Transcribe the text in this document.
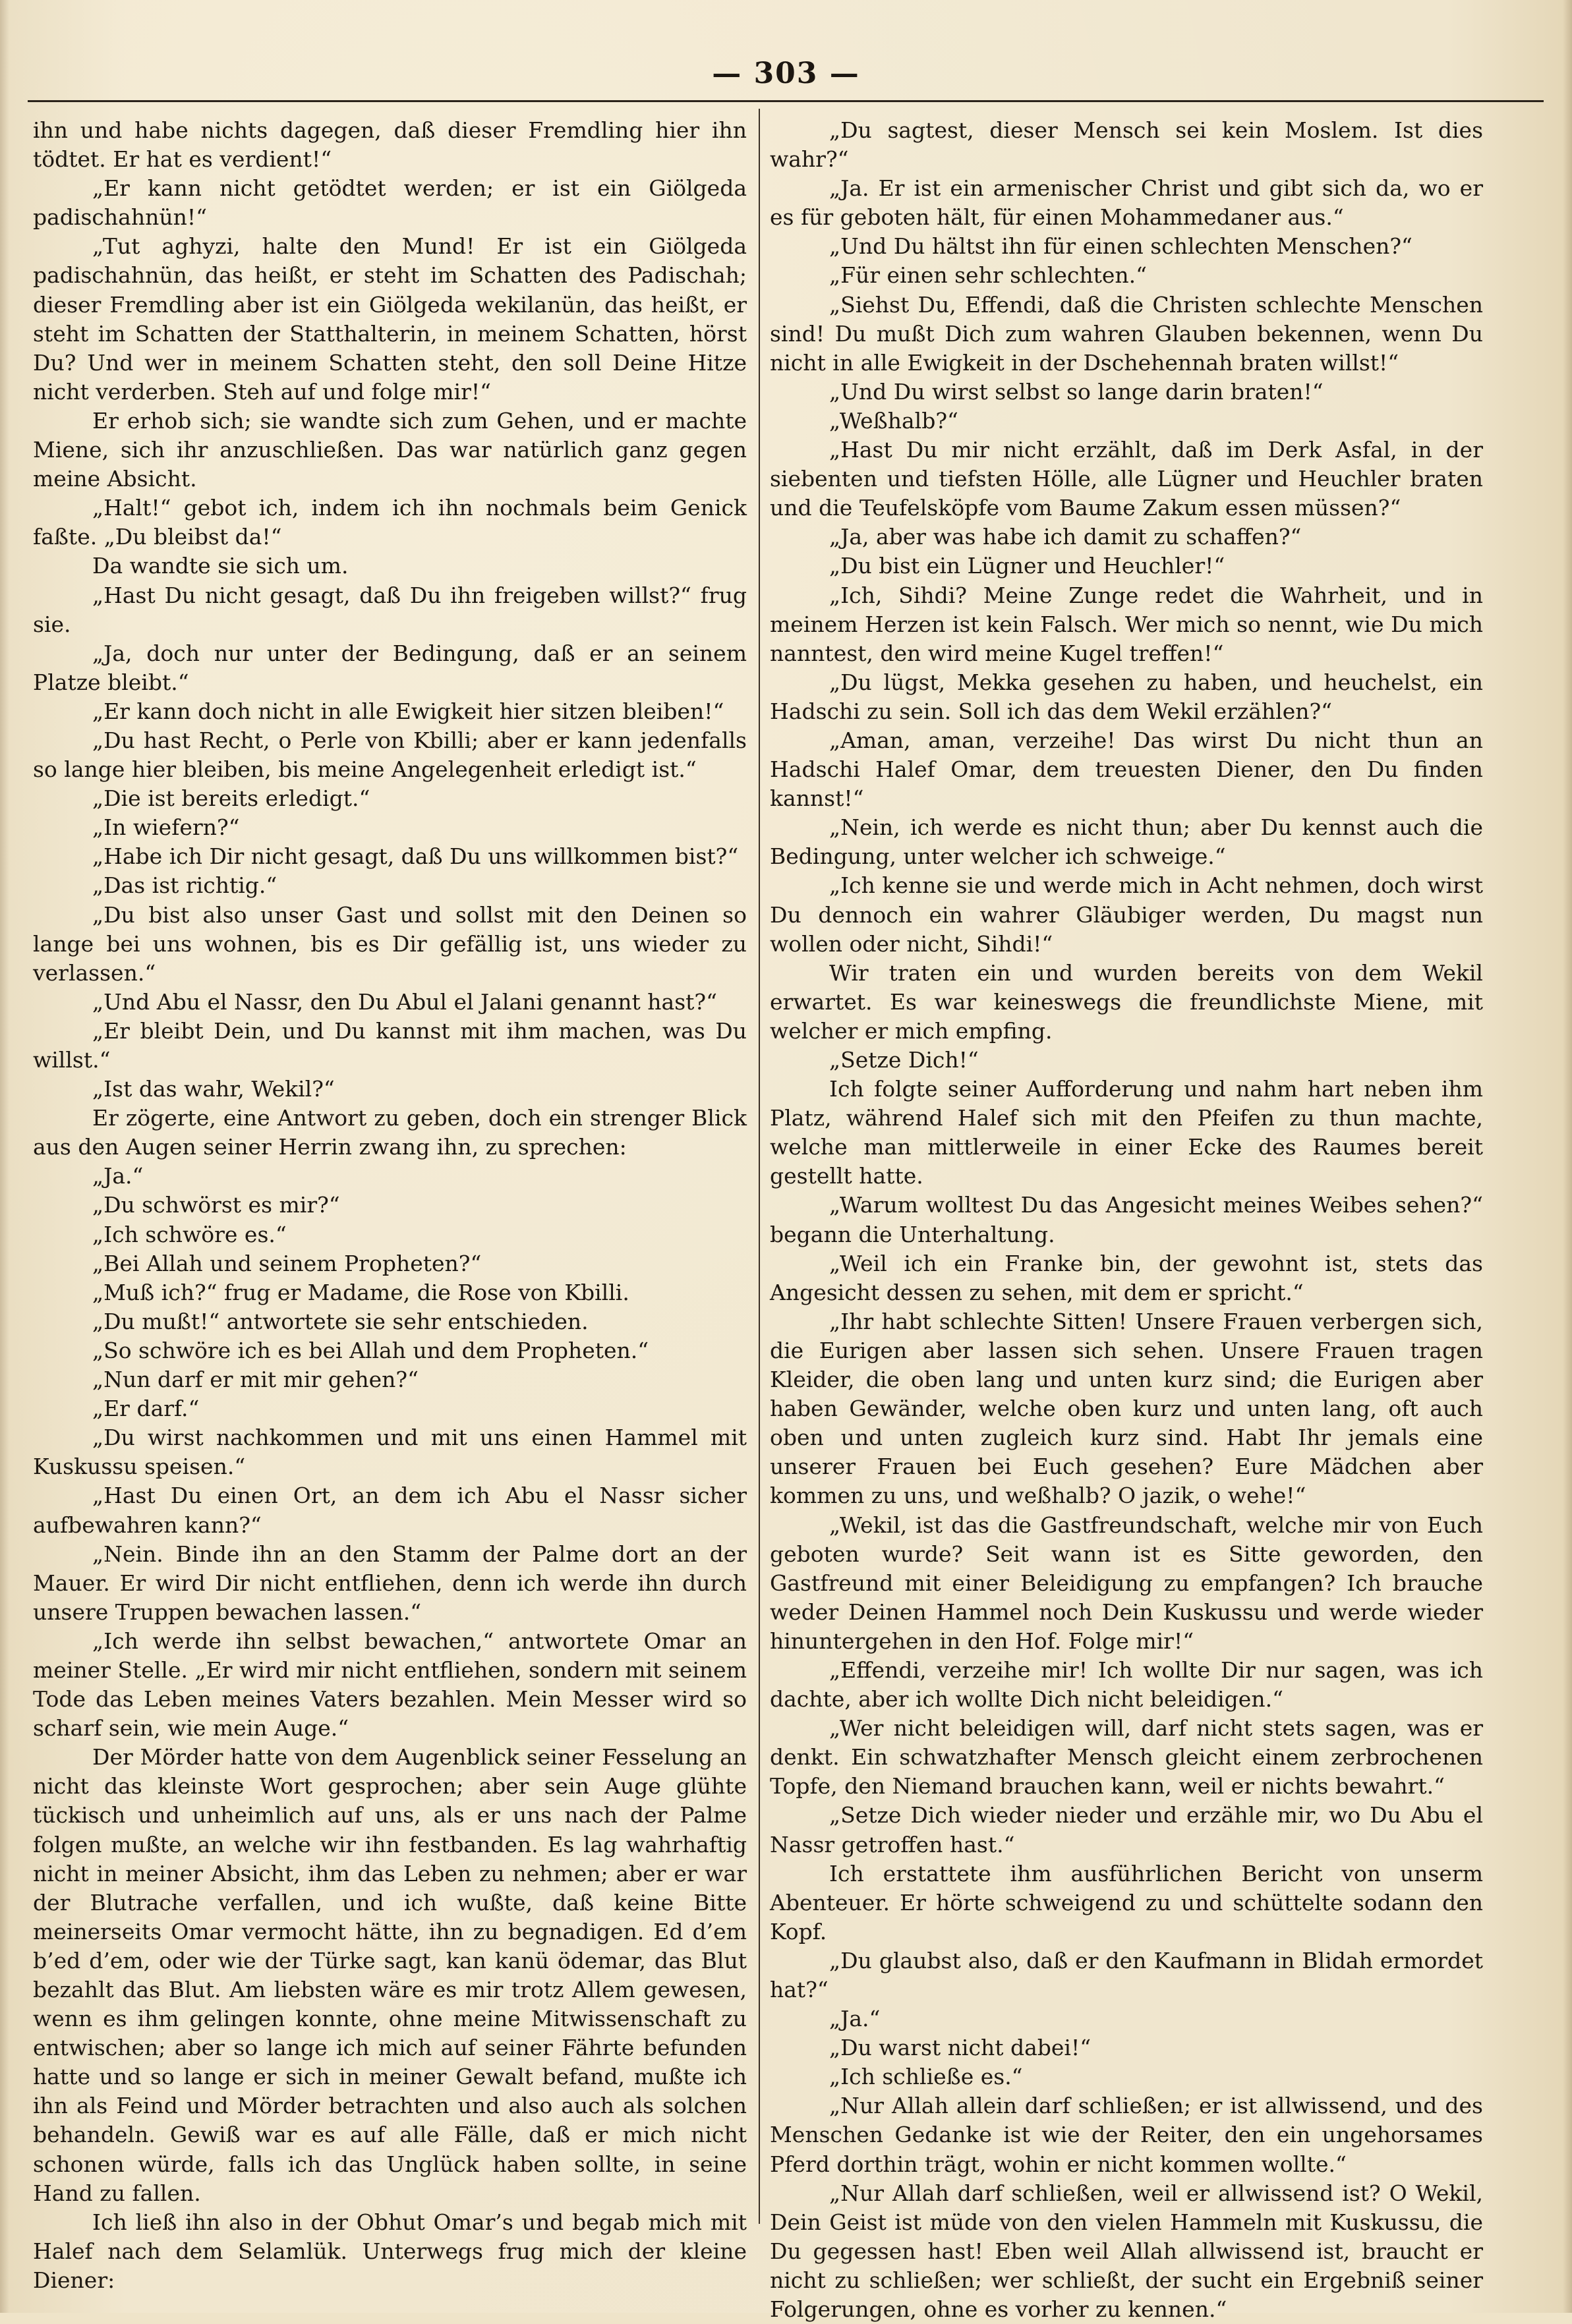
— 303 —

ihn und habe nichts dagegen, daß dieser Fremdling hier ihn tödtet. Er hat es verdient!“

„Er kann nicht getödtet werden; er ist ein Giölgeda padischahnün!“

„Tut aghyzi, halte den Mund! Er ist ein Giölgeda padischahnün, das heißt, er steht im Schatten des Padischah; dieser Fremdling aber ist ein Giölgeda wekilanün, das heißt, er steht im Schatten der Statthalterin, in meinem Schatten, hörst Du? Und wer in meinem Schatten steht, den soll Deine Hitze nicht verderben. Steh auf und folge mir!“

Er erhob sich; sie wandte sich zum Gehen, und er machte Miene, sich ihr anzuschließen. Das war natürlich ganz gegen meine Absicht.

„Halt!“ gebot ich, indem ich ihn nochmals beim Genick faßte. „Du bleibst da!“

Da wandte sie sich um.

„Hast Du nicht gesagt, daß Du ihn freigeben willst?“ frug sie.

„Ja, doch nur unter der Bedingung, daß er an seinem Platze bleibt.“

„Er kann doch nicht in alle Ewigkeit hier sitzen bleiben!“

„Du hast Recht, o Perle von Kbilli; aber er kann jedenfalls so lange hier bleiben, bis meine Angelegenheit erledigt ist.“

„Die ist bereits erledigt.“

„In wiefern?“

„Habe ich Dir nicht gesagt, daß Du uns willkommen bist?“

„Das ist richtig.“

„Du bist also unser Gast und sollst mit den Deinen so lange bei uns wohnen, bis es Dir gefällig ist, uns wieder zu verlassen.“

„Und Abu el Nassr, den Du Abul el Jalani genannt hast?“

„Er bleibt Dein, und Du kannst mit ihm machen, was Du willst.“

„Ist das wahr, Wekil?“

Er zögerte, eine Antwort zu geben, doch ein strenger Blick aus den Augen seiner Herrin zwang ihn, zu sprechen:

„Ja.“

„Du schwörst es mir?“

„Ich schwöre es.“

„Bei Allah und seinem Propheten?“

„Muß ich?“ frug er Madame, die Rose von Kbilli.

„Du mußt!“ antwortete sie sehr entschieden.

„So schwöre ich es bei Allah und dem Propheten.“

„Nun darf er mit mir gehen?“

„Er darf.“

„Du wirst nachkommen und mit uns einen Hammel mit Kuskussu speisen.“

„Hast Du einen Ort, an dem ich Abu el Nassr sicher aufbewahren kann?“

„Nein. Binde ihn an den Stamm der Palme dort an der Mauer. Er wird Dir nicht entfliehen, denn ich werde ihn durch unsere Truppen bewachen lassen.“

„Ich werde ihn selbst bewachen,“ antwortete Omar an meiner Stelle. „Er wird mir nicht entfliehen, sondern mit seinem Tode das Leben meines Vaters bezahlen. Mein Messer wird so scharf sein, wie mein Auge.“

Der Mörder hatte von dem Augenblick seiner Fesselung an nicht das kleinste Wort gesprochen; aber sein Auge glühte tückisch und unheimlich auf uns, als er uns nach der Palme folgen mußte, an welche wir ihn festbanden. Es lag wahrhaftig nicht in meiner Absicht, ihm das Leben zu nehmen; aber er war der Blutrache verfallen, und ich wußte, daß keine Bitte meinerseits Omar vermocht hätte, ihn zu begnadigen. Ed d’em b’ed d’em, oder wie der Türke sagt, kan kanü ödemar, das Blut bezahlt das Blut. Am liebsten wäre es mir trotz Allem gewesen, wenn es ihm gelingen konnte, ohne meine Mitwissenschaft zu entwischen; aber so lange ich mich auf seiner Fährte befunden hatte und so lange er sich in meiner Gewalt befand, mußte ich ihn als Feind und Mörder betrachten und also auch als solchen behandeln. Gewiß war es auf alle Fälle, daß er mich nicht schonen würde, falls ich das Unglück haben sollte, in seine Hand zu fallen.

Ich ließ ihn also in der Obhut Omar’s und begab mich mit Halef nach dem Selamlük. Unterwegs frug mich der kleine Diener:

„Du sagtest, dieser Mensch sei kein Moslem. Ist dies wahr?“

„Ja. Er ist ein armenischer Christ und gibt sich da, wo er es für geboten hält, für einen Mohammedaner aus.“

„Und Du hältst ihn für einen schlechten Menschen?“

„Für einen sehr schlechten.“

„Siehst Du, Effendi, daß die Christen schlechte Menschen sind! Du mußt Dich zum wahren Glauben bekennen, wenn Du nicht in alle Ewigkeit in der Dschehennah braten willst!“

„Und Du wirst selbst so lange darin braten!“

„Weßhalb?“

„Hast Du mir nicht erzählt, daß im Derk Asfal, in der siebenten und tiefsten Hölle, alle Lügner und Heuchler braten und die Teufelsköpfe vom Baume Zakum essen müssen?“

„Ja, aber was habe ich damit zu schaffen?“

„Du bist ein Lügner und Heuchler!“

„Ich, Sihdi? Meine Zunge redet die Wahrheit, und in meinem Herzen ist kein Falsch. Wer mich so nennt, wie Du mich nanntest, den wird meine Kugel treffen!“

„Du lügst, Mekka gesehen zu haben, und heuchelst, ein Hadschi zu sein. Soll ich das dem Wekil erzählen?“

„Aman, aman, verzeihe! Das wirst Du nicht thun an Hadschi Halef Omar, dem treuesten Diener, den Du finden kannst!“

„Nein, ich werde es nicht thun; aber Du kennst auch die Bedingung, unter welcher ich schweige.“

„Ich kenne sie und werde mich in Acht nehmen, doch wirst Du dennoch ein wahrer Gläubiger werden, Du magst nun wollen oder nicht, Sihdi!“

Wir traten ein und wurden bereits von dem Wekil erwartet. Es war keineswegs die freundlichste Miene, mit welcher er mich empfing.

„Setze Dich!“

Ich folgte seiner Aufforderung und nahm hart neben ihm Platz, während Halef sich mit den Pfeifen zu thun machte, welche man mittlerweile in einer Ecke des Raumes bereit gestellt hatte.

„Warum wolltest Du das Angesicht meines Weibes sehen?“ begann die Unterhaltung.

„Weil ich ein Franke bin, der gewohnt ist, stets das Angesicht dessen zu sehen, mit dem er spricht.“

„Ihr habt schlechte Sitten! Unsere Frauen verbergen sich, die Eurigen aber lassen sich sehen. Unsere Frauen tragen Kleider, die oben lang und unten kurz sind; die Eurigen aber haben Gewänder, welche oben kurz und unten lang, oft auch oben und unten zugleich kurz sind. Habt Ihr jemals eine unserer Frauen bei Euch gesehen? Eure Mädchen aber kommen zu uns, und weßhalb? O jazik, o wehe!“

„Wekil, ist das die Gastfreundschaft, welche mir von Euch geboten wurde? Seit wann ist es Sitte geworden, den Gastfreund mit einer Beleidigung zu empfangen? Ich brauche weder Deinen Hammel noch Dein Kuskussu und werde wieder hinuntergehen in den Hof. Folge mir!“

„Effendi, verzeihe mir! Ich wollte Dir nur sagen, was ich dachte, aber ich wollte Dich nicht beleidigen.“

„Wer nicht beleidigen will, darf nicht stets sagen, was er denkt. Ein schwatzhafter Mensch gleicht einem zerbrochenen Topfe, den Niemand brauchen kann, weil er nichts bewahrt.“

„Setze Dich wieder nieder und erzähle mir, wo Du Abu el Nassr getroffen hast.“

Ich erstattete ihm ausführlichen Bericht von unserm Abenteuer. Er hörte schweigend zu und schüttelte sodann den Kopf.

„Du glaubst also, daß er den Kaufmann in Blidah ermordet hat?“

„Ja.“

„Du warst nicht dabei!“

„Ich schließe es.“

„Nur Allah allein darf schließen; er ist allwissend, und des Menschen Gedanke ist wie der Reiter, den ein ungehorsames Pferd dorthin trägt, wohin er nicht kommen wollte.“

„Nur Allah darf schließen, weil er allwissend ist? O Wekil, Dein Geist ist müde von den vielen Hammeln mit Kuskussu, die Du gegessen hast! Eben weil Allah allwissend ist, braucht er nicht zu schließen; wer schließt, der sucht ein Ergebniß seiner Folgerungen, ohne es vorher zu kennen.“
